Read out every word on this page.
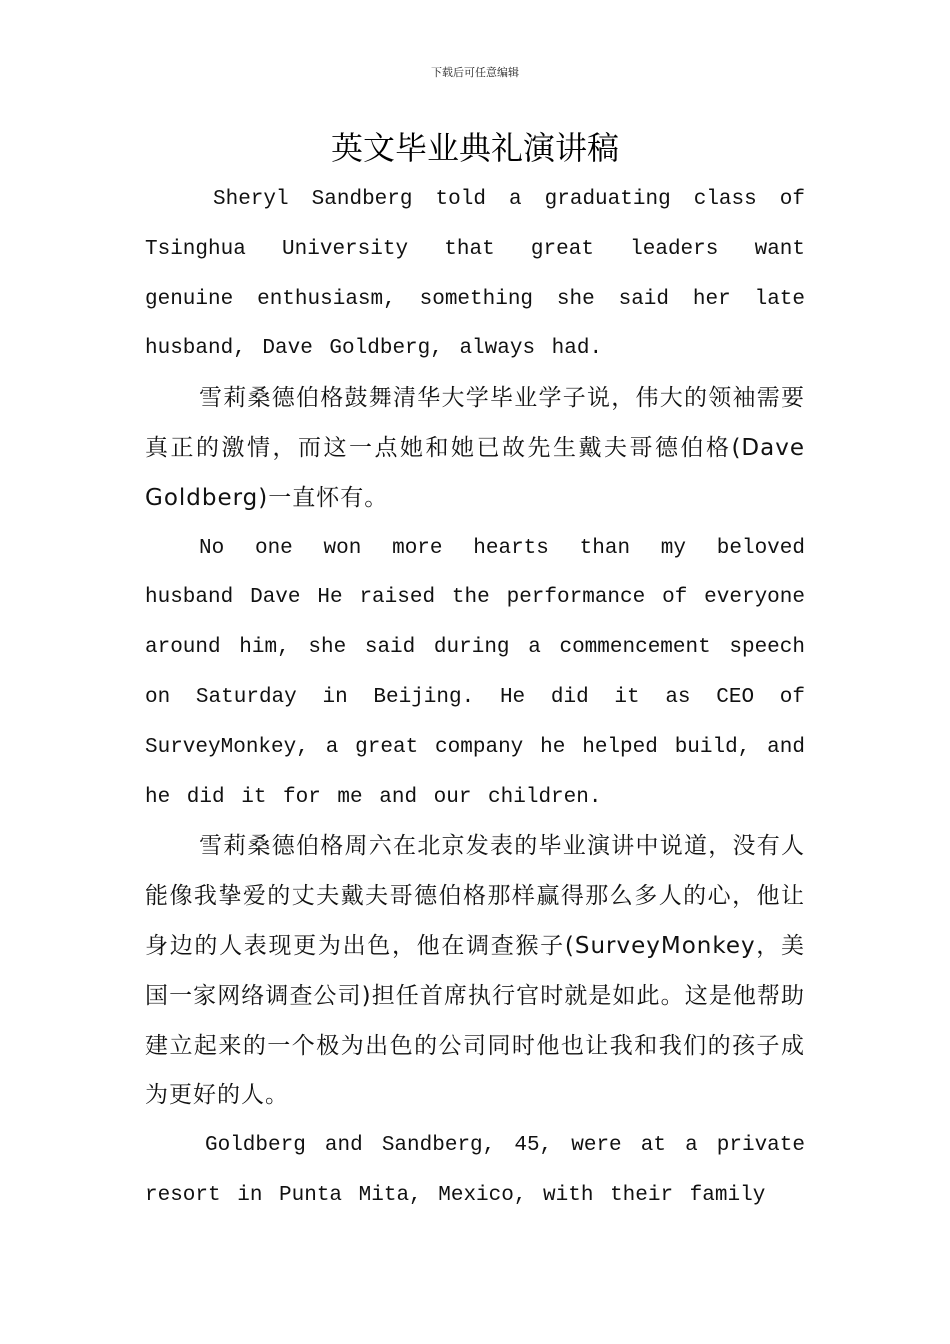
下载后可任意编辑
英文毕业典礼演讲稿

Sheryl Sandberg told a graduating class of Tsinghua University that great leaders want genuine enthusiasm, something she said her late husband, Dave Goldberg, always had.

雪莉桑德伯格鼓舞清华大学毕业学子说，伟大的领袖需要真正的激情，而这一点她和她已故先生戴夫哥德伯格(Dave Goldberg)一直怀有。

No one won more hearts than my beloved husband Dave He raised the performance of everyone around him, she said during a commencement speech on Saturday in Beijing. He did it as CEO of SurveyMonkey, a great company he helped build, and he did it for me and our children.

雪莉桑德伯格周六在北京发表的毕业演讲中说道，没有人能像我挚爱的丈夫戴夫哥德伯格那样赢得那么多人的心，他让身边的人表现更为出色，他在调查猴子(SurveyMonkey，美国一家网络调查公司)担任首席执行官时就是如此。这是他帮助建立起来的一个极为出色的公司同时他也让我和我们的孩子成为更好的人。

Goldberg and Sandberg, 45, were at a private resort in Punta Mita, Mexico, with their family
